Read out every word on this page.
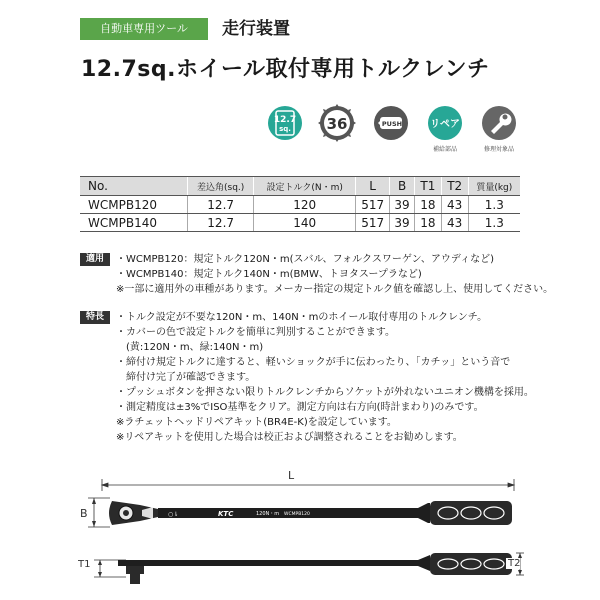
自動車専用ツール	走行装置
12.7sq.ホイール取付専用トルクレンチ
12.7
sq. 36	PUSH	リペア
補給部品	修理対象品
No.	差込角(sq.)	設定トルク(N・m)	L	B	T1	T2	質量(kg)
WCMPB120	12.7	120	517	39	18	43	1.3
WCMPB140	12.7	140	517	39	18	43	1.3
適用	・WCMPB120：規定トルク120N・m(スバル、フォルクスワーゲン、アウディなど)
・WCMPB140：規定トルク140N・m(BMW、トヨタスープラなど)
※一部に適用外の車種があります。メーカー指定の規定トルク値を確認し上、使用してください。
特長	・トルク設定が不要な120N・m、140N・mのホイール取付専用のトルクレンチ。
・カバーの色で設定トルクを簡単に判別することができます。
　(黄:120N・m、緑:140N・m)
・締付け規定トルクに達すると、軽いショックが手に伝わったり、「カチッ」という音で
　締付け完了が確認できます。
・プッシュボタンを押さない限りトルクレンチからソケットが外れないユニオン機構を採用。
・測定精度は±3%でISO基準をクリア。測定方向は右方向(時計まわり)のみです。
※ラチェットヘッドリペアキット(BR4E-K)を設定しています。
※リペアキットを使用した場合は校正および調整されることをお勧めします。
L
KTC	120N・m WCMPB120
○⇂
B
T1	T2
